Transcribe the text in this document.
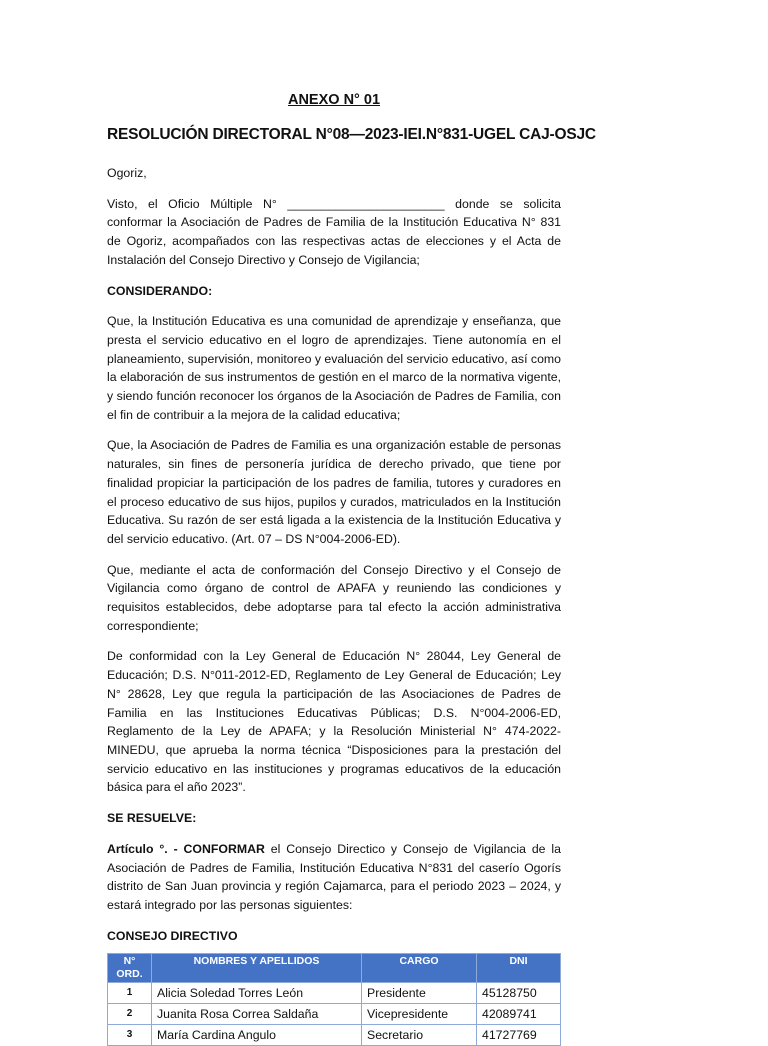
ANEXO N° 01
RESOLUCIÓN DIRECTORAL N°08—2023-IEI.N°831-UGEL CAJ-OSJC

Ogoriz,

Visto, el Oficio Múltiple N° _______________________ donde se solicita conformar la Asociación de Padres de Familia de la Institución Educativa N° 831 de Ogoriz, acompañados con las respectivas actas de elecciones y el Acta de Instalación del Consejo Directivo y Consejo de Vigilancia;

CONSIDERANDO:

Que, la Institución Educativa es una comunidad de aprendizaje y enseñanza, que presta el servicio educativo en el logro de aprendizajes. Tiene autonomía en el planeamiento, supervisión, monitoreo y evaluación del servicio educativo, así como la elaboración de sus instrumentos de gestión en el marco de la normativa vigente, y siendo función reconocer los órganos de la Asociación de Padres de Familia, con el fin de contribuir a la mejora de la calidad educativa;

Que, la Asociación de Padres de Familia es una organización estable de personas naturales, sin fines de personería jurídica de derecho privado, que tiene por finalidad propiciar la participación de los padres de familia, tutores y curadores en el proceso educativo de sus hijos, pupilos y curados, matriculados en la Institución Educativa. Su razón de ser está ligada a la existencia de la Institución Educativa y del servicio educativo. (Art. 07 – DS N°004-2006-ED).

Que, mediante el acta de conformación del Consejo Directivo y el Consejo de Vigilancia como órgano de control de APAFA y reuniendo las condiciones y requisitos establecidos, debe adoptarse para tal efecto la acción administrativa correspondiente;

De conformidad con la Ley General de Educación N° 28044, Ley General de Educación; D.S. N°011-2012-ED, Reglamento de Ley General de Educación; Ley N° 28628, Ley que regula la participación de las Asociaciones de Padres de Familia en las Instituciones Educativas Públicas; D.S. N°004-2006-ED, Reglamento de la Ley de APAFA; y la Resolución Ministerial N° 474-2022-MINEDU, que aprueba la norma técnica “Disposiciones para la prestación del servicio educativo en las instituciones y programas educativos de la educación básica para el año 2023”.

SE RESUELVE:

Artículo °. - CONFORMAR el Consejo Directico y Consejo de Vigilancia de la Asociación de Padres de Familia, Institución Educativa N°831 del caserío Ogorís distrito de San Juan provincia y región Cajamarca, para el periodo 2023 – 2024, y estará integrado por las personas siguientes:

CONSEJO DIRECTIVO

N° ORD.	NOMBRES Y APELLIDOS	CARGO	DNI
1	Alicia Soledad Torres León	Presidente	45128750
2	Juanita Rosa Correa Saldaña	Vicepresidente	42089741
3	María Cardina Angulo	Secretario	41727769
